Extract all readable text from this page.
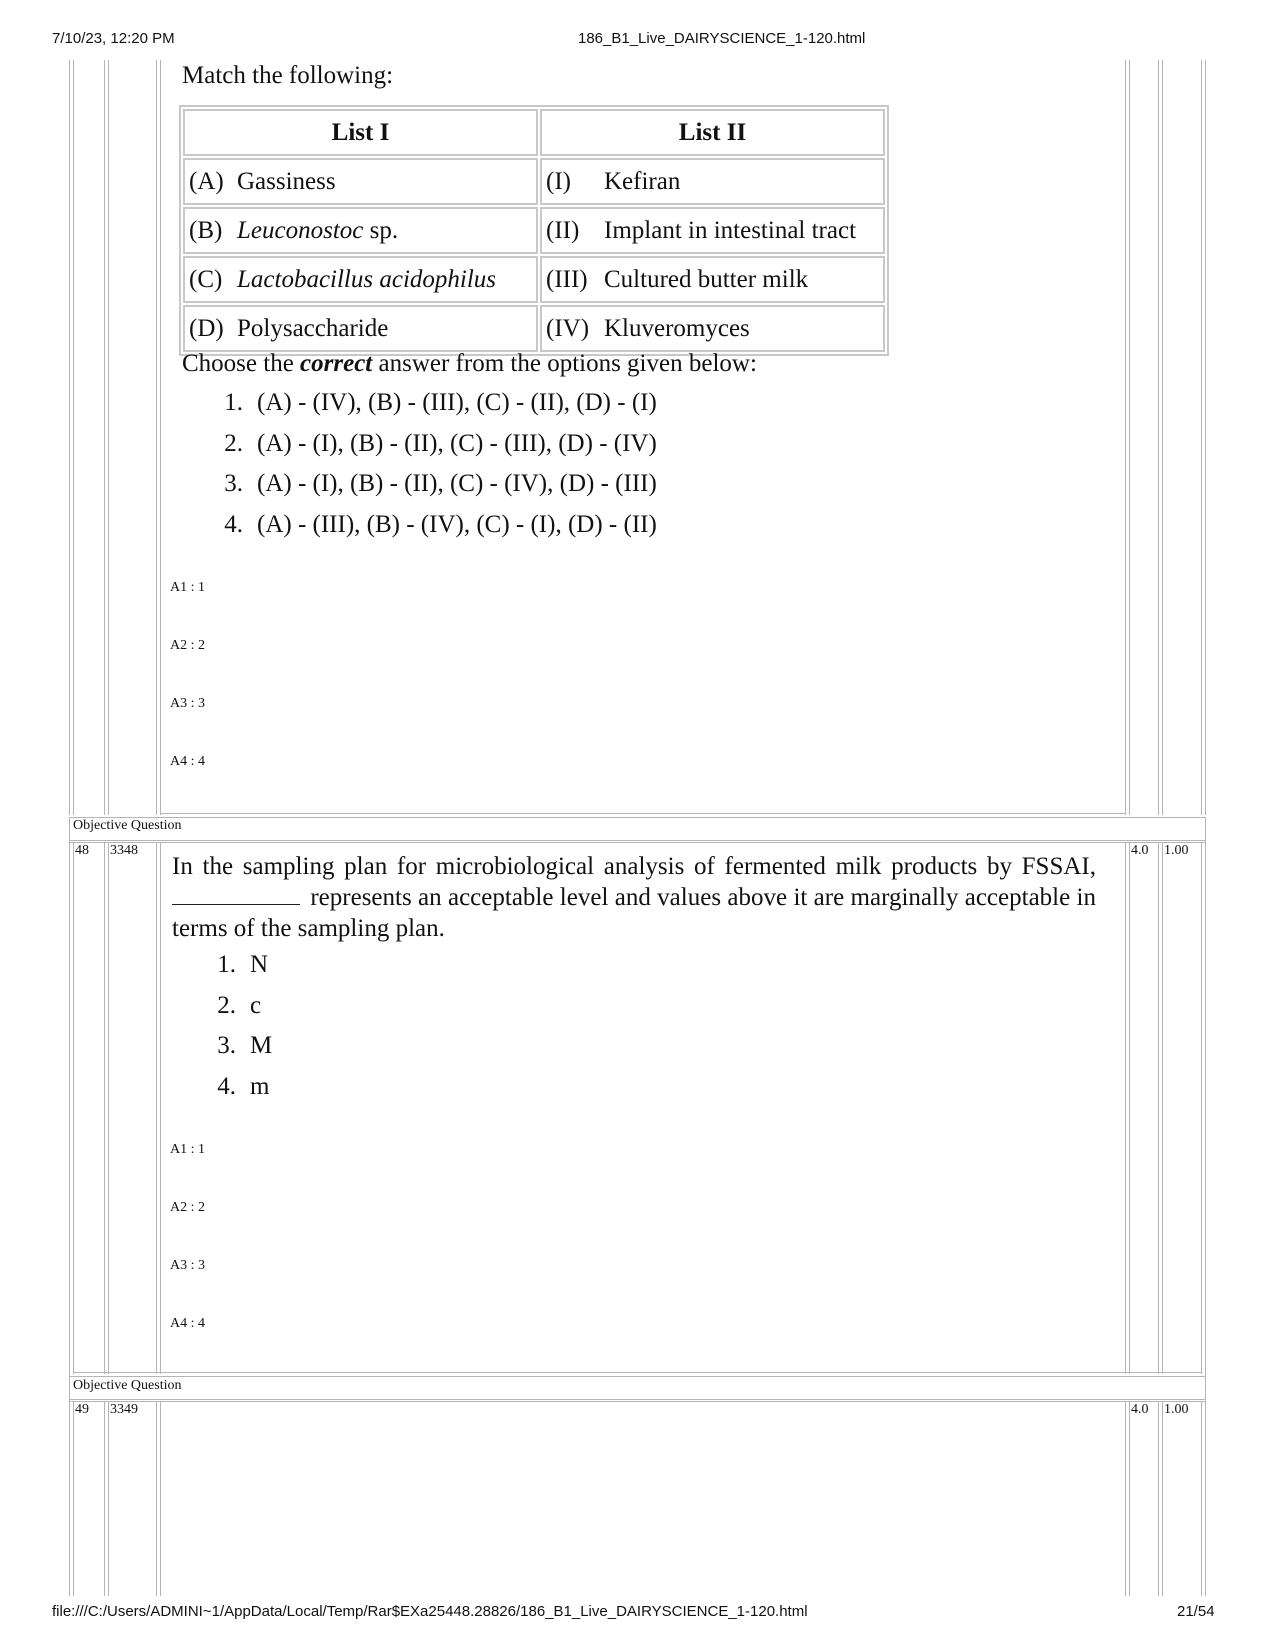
7/10/23, 12:20 PM	186_B1_Live_DAIRYSCIENCE_1-120.html
Match the following:
List I	List II
(A) Gassiness	(I) Kefiran
(B) Leuconostoc sp.	(II) Implant in intestinal tract
(C) Lactobacillus acidophilus	(III) Cultured butter milk
(D) Polysaccharide	(IV) Kluveromyces
Choose the correct answer from the options given below:
1. (A) - (IV), (B) - (III), (C) - (II), (D) - (I)
2. (A) - (I), (B) - (II), (C) - (III), (D) - (IV)
3. (A) - (I), (B) - (II), (C) - (IV), (D) - (III)
4. (A) - (III), (B) - (IV), (C) - (I), (D) - (II)
A1 : 1
A2 : 2
A3 : 3
A4 : 4
Objective Question
48 3348	4.0 1.00
In the sampling plan for microbiological analysis of fermented milk products by FSSAI,  represents an acceptable level and values above it are marginally acceptable in terms of the sampling plan.
1. N
2. c
3. M
4. m
A1 : 1
A2 : 2
A3 : 3
A4 : 4
Objective Question
49 3349	4.0 1.00
file:///C:/Users/ADMINI~1/AppData/Local/Temp/Rar$EXa25448.28826/186_B1_Live_DAIRYSCIENCE_1-120.html	21/54
